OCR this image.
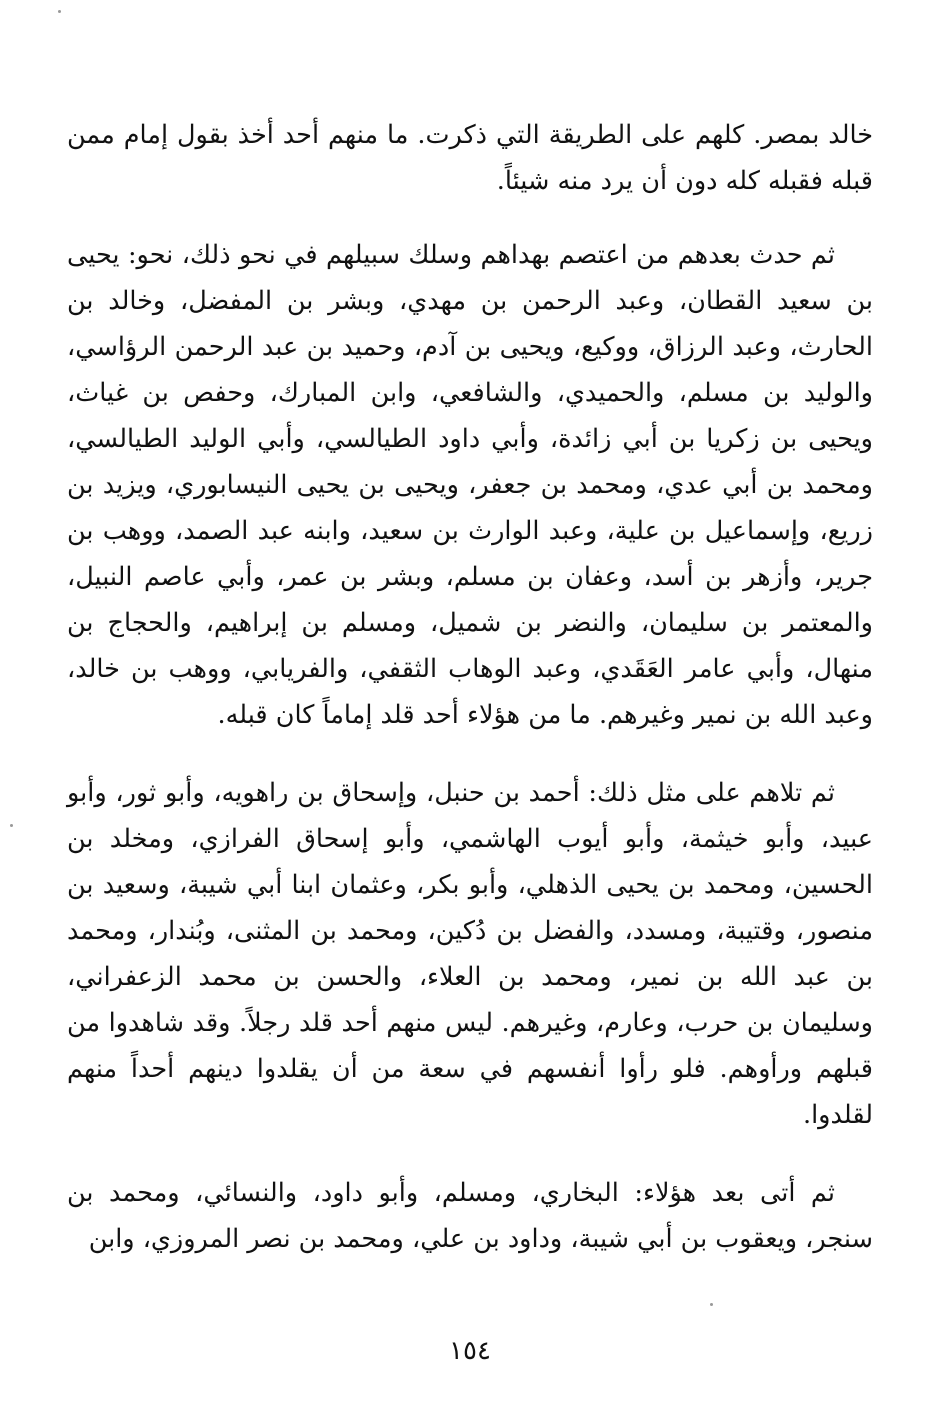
خالد بمصر. كلهم على الطريقة التي ذكرت. ما منهم أحد أخذ بقول إمام ممن قبله فقبله كله دون أن يرد منه شيئاً.

ثم حدث بعدهم من اعتصم بهداهم وسلك سبيلهم في نحو ذلك، نحو: يحيى بن سعيد القطان، وعبد الرحمن بن مهدي، وبشر بن المفضل، وخالد بن الحارث، وعبد الرزاق، ووكيع، ويحيى بن آدم، وحميد بن عبد الرحمن الرؤاسي، والوليد بن مسلم، والحميدي، والشافعي، وابن المبارك، وحفص بن غياث، ويحيى بن زكريا بن أبي زائدة، وأبي داود الطيالسي، وأبي الوليد الطيالسي، ومحمد بن أبي عدي، ومحمد بن جعفر، ويحيى بن يحيى النيسابوري، ويزيد بن زريع، وإسماعيل بن علية، وعبد الوارث بن سعيد، وابنه عبد الصمد، ووهب بن جرير، وأزهر بن أسد، وعفان بن مسلم، وبشر بن عمر، وأبي عاصم النبيل، والمعتمر بن سليمان، والنضر بن شميل، ومسلم بن إبراهيم، والحجاج بن منهال، وأبي عامر العَقَدي، وعبد الوهاب الثقفي، والفريابي، ووهب بن خالد، وعبد الله بن نمير وغيرهم. ما من هؤلاء أحد قلد إماماً كان قبله.

ثم تلاهم على مثل ذلك: أحمد بن حنبل، وإسحاق بن راهويه، وأبو ثور، وأبو عبيد، وأبو خيثمة، وأبو أيوب الهاشمي، وأبو إسحاق الفرازي، ومخلد بن الحسين، ومحمد بن يحيى الذهلي، وأبو بكر، وعثمان ابنا أبي شيبة، وسعيد بن منصور، وقتيبة، ومسدد، والفضل بن دُكين، ومحمد بن المثنى، وبُندار، ومحمد بن عبد الله بن نمير، ومحمد بن العلاء، والحسن بن محمد الزعفراني، وسليمان بن حرب، وعارم، وغيرهم. ليس منهم أحد قلد رجلاً. وقد شاهدوا من قبلهم ورأوهم. فلو رأوا أنفسهم في سعة من أن يقلدوا دينهم أحداً منهم لقلدوا.

ثم أتى بعد هؤلاء: البخاري، ومسلم، وأبو داود، والنسائي، ومحمد بن سنجر، ويعقوب بن أبي شيبة، وداود بن علي، ومحمد بن نصر المروزي، وابن

١٥٤
